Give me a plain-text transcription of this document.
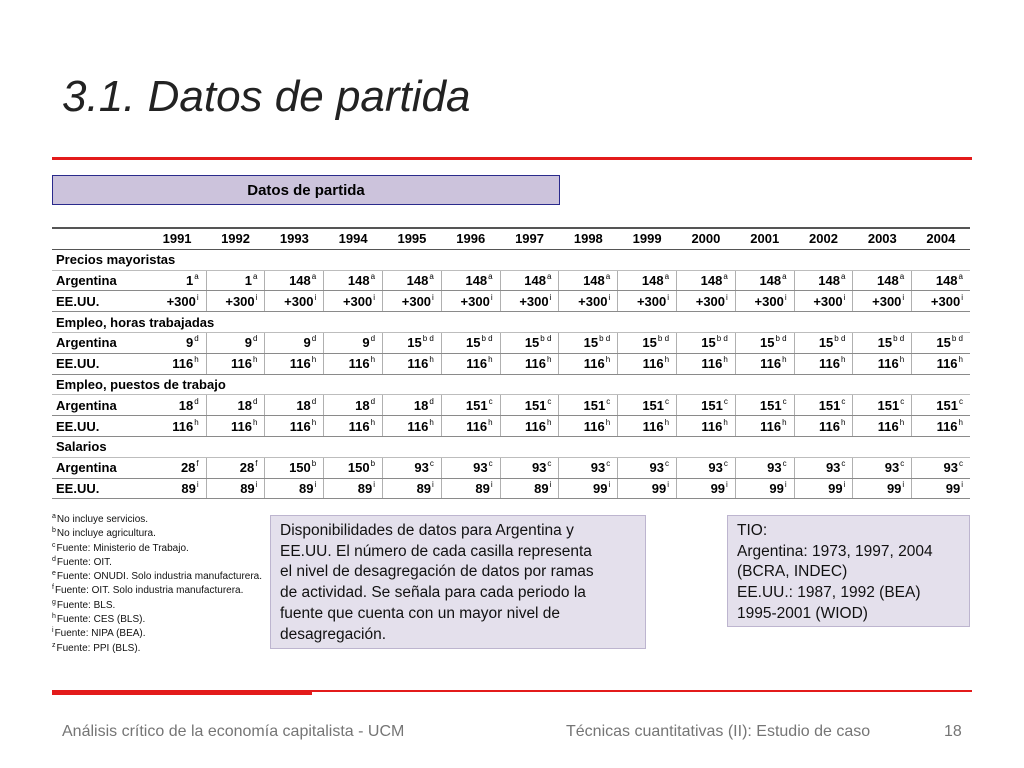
3.1. Datos de partida
Datos de partida
	1991	1992	1993	1994	1995	1996	1997	1998	1999	2000	2001	2002	2003	2004
Precios mayoristas														
Argentina	1$^a$	1$^a$	148$^a$	148$^a$	148$^a$	148$^a$	148$^a$	148$^a$	148$^a$	148$^a$	148$^a$	148$^a$	148$^a$	148$^a$
EE.UU.	$+300^i$	$+300^i$	$+300^i$	$+300^i$	$+300^i$	$+300^i$	$+300^i$	$+300^i$	$+300^i$	$+300^i$	$+300^i$	$+300^i$	$+300^i$	$+300^i$
Empleo, horas trabajadas														
Argentina	9$^d$	9$^d$	9$^d$	9$^d$	$15^{b d}$	$15^{b d}$	$15^{b d}$	$15^{b d}$	$15^{b d}$	$15^{b d}$	$15^{b d}$	$15^{b d}$	$15^{b d}$	$15^{b d}$
EE.UU.	116$^h$	116$^h$	116$^h$	116$^h$	116$^h$	116$^h$	116$^h$	116$^h$	116$^h$	116$^h$	116$^h$	116$^h$	116$^h$	116$^h$
Empleo, puestos de trabajo														
Argentina	18$^d$	18$^d$	18$^d$	18$^d$	18$^d$	151$^c$	151$^c$	151$^c$	151$^c$	151$^c$	151$^c$	151$^c$	151$^c$	151$^c$
EE.UU.	116$^h$	116$^h$	116$^h$	116$^h$	116$^h$	116$^h$	116$^h$	116$^h$	116$^h$	116$^h$	116$^h$	116$^h$	116$^h$	116$^h$
Salarios														
Argentina	28$^f$	28$^f$	150$^b$	150$^b$	93$^c$	93$^c$	93$^c$	93$^c$	93$^c$	93$^c$	93$^c$	93$^c$	93$^c$	93$^c$
EE.UU.	89$^i$	89$^i$	89$^i$	89$^i$	89$^i$	89$^i$	89$^i$	99$^i$	99$^i$	99$^i$	99$^i$	99$^i$	99$^i$	99$^i$
$^a$No incluye servicios.
$^b$No incluye agricultura.
$^c$Fuente: Ministerio de Trabajo.
$^d$Fuente: OIT.
$^e$Fuente: ONUDI. Solo industria manufacturera.
$^f$Fuente: OIT. Solo industria manufacturera.
$^g$Fuente: BLS.
$^h$Fuente: CES (BLS).
$^i$Fuente: NIPA (BEA).
$^z$Fuente: PPI (BLS).
Disponibilidades de datos para Argentina y
EE.UU. El número de cada casilla representa
el nivel de desagregación de datos por ramas
de actividad. Se señala para cada periodo la
fuente que cuenta con un mayor nivel de
desagregación.
TIO:
Argentina: 1973, 1997, 2004
(BCRA, INDEC)
EE.UU.: 1987, 1992 (BEA)
1995-2001 (WIOD)
Análisis crítico de la economía capitalista - UCM	Técnicas cuantitativas (II): Estudio de caso	18
